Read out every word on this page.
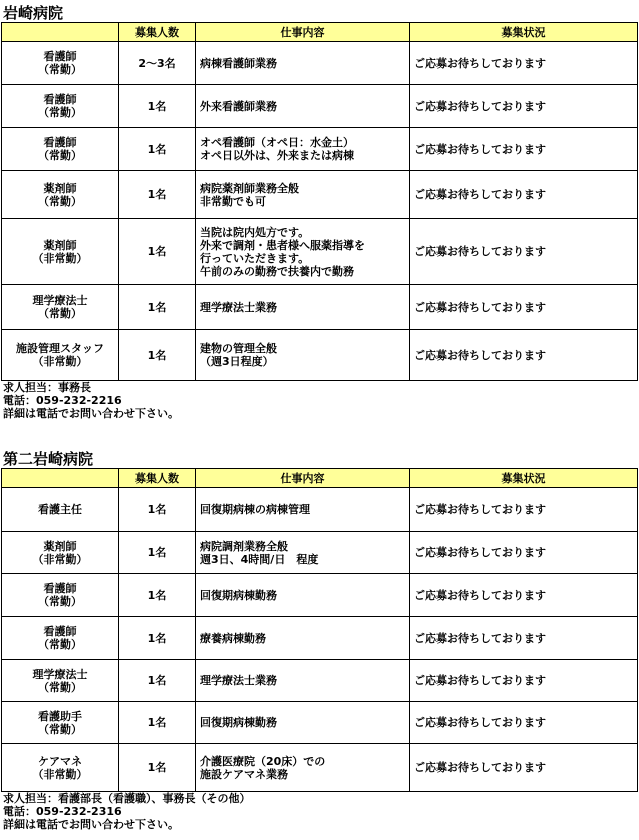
岩崎病院
	募集人数	仕事内容	募集状況

看護師
（常勤）	2～3名	病棟看護師業務	ご応募お待ちしております

看護師
（常勤）	1名	外来看護師業務	ご応募お待ちしております

看護師
（常勤）	1名	オペ看護師（オペ日：水金土）
オペ日以外は、外来または病棟	ご応募お待ちしております

薬剤師
（常勤）	1名	病院薬剤師業務全般
非常勤でも可	ご応募お待ちしております

薬剤師
（非常勤）	1名	当院は院内処方です。
外来で調剤・患者様へ服薬指導を
行っていただきます。
午前のみの勤務で扶養内で勤務	ご応募お待ちしております

理学療法士
（常勤）	1名	理学療法士業務	ご応募お待ちしております

施設管理スタッフ
（非常勤）	1名	建物の管理全般
（週3日程度）	ご応募お待ちしております
求人担当：事務長
電話：059-232-2216
詳細は電話でお問い合わせ下さい。
第二岩崎病院
	募集人数	仕事内容	募集状況

看護主任	1名	回復期病棟の病棟管理	ご応募お待ちしております

薬剤師
（非常勤）	1名	病院調剤業務全般
週3日、4時間/日　程度	ご応募お待ちしております

看護師
（常勤）	1名	回復期病棟勤務	ご応募お待ちしております

看護師
（常勤）	1名	療養病棟勤務	ご応募お待ちしております

理学療法士
（常勤）	1名	理学療法士業務	ご応募お待ちしております

看護助手
（常勤）	1名	回復期病棟勤務	ご応募お待ちしております

ケアマネ
（非常勤）	1名	介護医療院（20床）での
施設ケアマネ業務	ご応募お待ちしております
求人担当：看護部長（看護職）、事務長（その他）
電話：059-232-2316
詳細は電話でお問い合わせ下さい。
